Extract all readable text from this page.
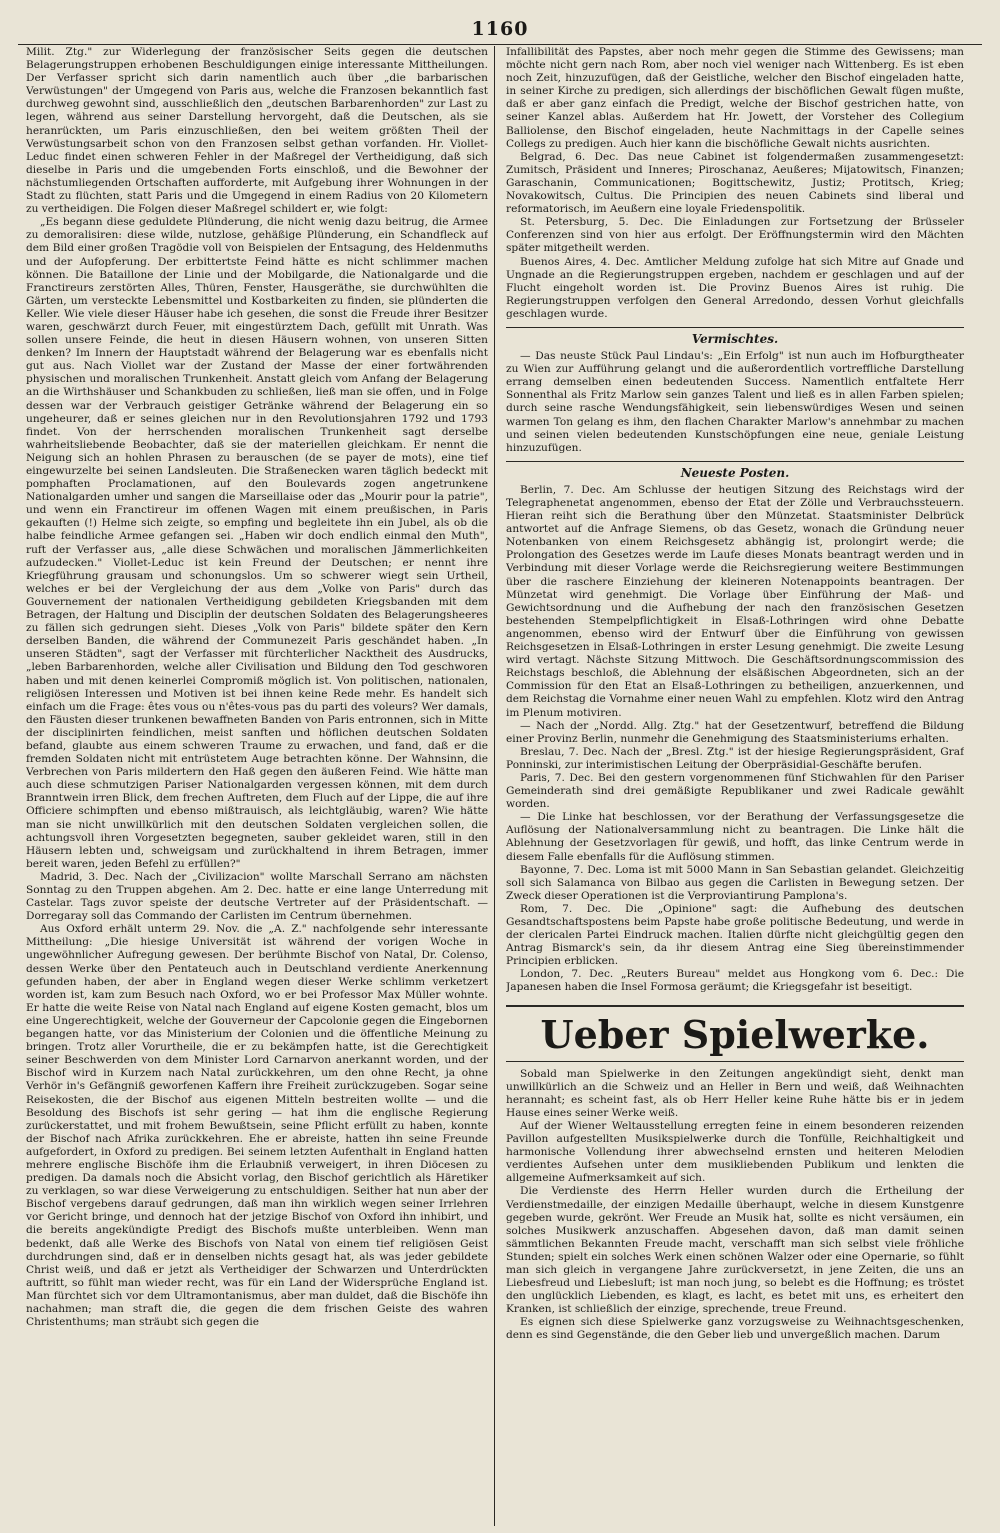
1160

Milit. Ztg." zur Widerlegung der französischer Seits gegen die deutschen Belagerungstruppen erhobenen Beschuldigungen einige interessante Mittheilungen. Der Verfasser spricht sich darin namentlich auch über „die barbarischen Verwüstungen" der Umgegend von Paris aus, welche die Franzosen bekanntlich fast durchweg gewohnt sind, ausschließlich den „deutschen Barbarenhorden" zur Last zu legen, während aus seiner Darstellung hervorgeht, daß die Deutschen, als sie heranrückten, um Paris einzuschließen, den bei weitem größten Theil der Verwüstungsarbeit schon von den Franzosen selbst gethan vorfanden. Hr. Viollet-Leduc findet einen schweren Fehler in der Maßregel der Vertheidigung, daß sich dieselbe in Paris und die umgebenden Forts einschloß, und die Bewohner der nächstumliegenden Ortschaften aufforderte, mit Aufgebung ihrer Wohnungen in der Stadt zu flüchten, statt Paris und die Umgegend in einem Radius von 20 Kilometern zu vertheidigen. Die Folgen dieser Maßregel schildert er, wie folgt:

„Es begann diese geduldete Plünderung, die nicht wenig dazu beitrug, die Armee zu demoralisiren: diese wilde, nutzlose, gehäßige Plünderung, ein Schandfleck auf dem Bild einer großen Tragödie voll von Beispielen der Entsagung, des Heldenmuths und der Aufopferung. Der erbittertste Feind hätte es nicht schlimmer machen können. Die Bataillone der Linie und der Mobilgarde, die Nationalgarde und die Franctireurs zerstörten Alles, Thüren, Fenster, Hausgeräthe, sie durchwühlten die Gärten, um versteckte Lebensmittel und Kostbarkeiten zu finden, sie plünderten die Keller. Wie viele dieser Häuser habe ich gesehen, die sonst die Freude ihrer Besitzer waren, geschwärzt durch Feuer, mit eingestürztem Dach, gefüllt mit Unrath. Was sollen unsere Feinde, die heut in diesen Häusern wohnen, von unseren Sitten denken? Im Innern der Hauptstadt während der Belagerung war es ebenfalls nicht gut aus. Nach Viollet war der Zustand der Masse der einer fortwährenden physischen und moralischen Trunkenheit. Anstatt gleich vom Anfang der Belagerung an die Wirthshäuser und Schankbuden zu schließen, ließ man sie offen, und in Folge dessen war der Verbrauch geistiger Getränke während der Belagerung ein so ungeheurer, daß er seines gleichen nur in den Revolutionsjahren 1792 und 1793 findet. Von der herrschenden moralischen Trunkenheit sagt derselbe wahrheitsliebende Beobachter, daß sie der materiellen gleichkam. Er nennt die Neigung sich an hohlen Phrasen zu berauschen (de se payer de mots), eine tief eingewurzelte bei seinen Landsleuten. Die Straßenecken waren täglich bedeckt mit pomphaften Proclamationen, auf den Boulevards zogen angetrunkene Nationalgarden umher und sangen die Marseillaise oder das „Mourir pour la patrie", und wenn ein Franctireur im offenen Wagen mit einem preußischen, in Paris gekauften (!) Helme sich zeigte, so empfing und begleitete ihn ein Jubel, als ob die halbe feindliche Armee gefangen sei. „Haben wir doch endlich einmal den Muth", ruft der Verfasser aus, „alle diese Schwächen und moralischen Jämmerlichkeiten aufzudecken." Viollet-Leduc ist kein Freund der Deutschen; er nennt ihre Kriegführung grausam und schonungslos. Um so schwerer wiegt sein Urtheil, welches er bei der Vergleichung der aus dem „Volke von Paris" durch das Gouvernement der nationalen Vertheidigung gebildeten Kriegsbanden mit dem Betragen, der Haltung und Disciplin der deutschen Soldaten des Belagerungsheeres zu fällen sich gedrungen sieht. Dieses „Volk von Paris" bildete später den Kern derselben Banden, die während der Communezeit Paris geschändet haben. „In unseren Städten", sagt der Verfasser mit fürchterlicher Nacktheit des Ausdrucks, „leben Barbarenhorden, welche aller Civilisation und Bildung den Tod geschworen haben und mit denen keinerlei Compromiß möglich ist. Von politischen, nationalen, religiösen Interessen und Motiven ist bei ihnen keine Rede mehr. Es handelt sich einfach um die Frage: êtes vous ou n'êtes-vous pas du parti des voleurs? Wer damals, den Fäusten dieser trunkenen bewaffneten Banden von Paris entronnen, sich in Mitte der disciplinirten feindlichen, meist sanften und höflichen deutschen Soldaten befand, glaubte aus einem schweren Traume zu erwachen, und fand, daß er die fremden Soldaten nicht mit entrüstetem Auge betrachten könne. Der Wahnsinn, die Verbrechen von Paris mildertern den Haß gegen den äußeren Feind. Wie hätte man auch diese schmutzigen Pariser Nationalgarden vergessen können, mit dem durch Branntwein irren Blick, dem frechen Auftreten, dem Fluch auf der Lippe, die auf ihre Officiere schimpften und ebenso mißtrauisch, als leichtgläubig, waren? Wie hätte man sie nicht unwillkürlich mit den deutschen Soldaten vergleichen sollen, die achtungsvoll ihren Vorgesetzten begegneten, sauber gekleidet waren, still in den Häusern lebten und, schweigsam und zurückhaltend in ihrem Betragen, immer bereit waren, jeden Befehl zu erfüllen?"

Madrid, 3. Dec. Nach der „Civilizacion" wollte Marschall Serrano am nächsten Sonntag zu den Truppen abgehen. Am 2. Dec. hatte er eine lange Unterredung mit Castelar. Tags zuvor speiste der deutsche Vertreter auf der Präsidentschaft. — Dorregaray soll das Commando der Carlisten im Centrum übernehmen.

Aus Oxford erhält unterm 29. Nov. die „A. Z." nachfolgende sehr interessante Mittheilung: „Die hiesige Universität ist während der vorigen Woche in ungewöhnlicher Aufregung gewesen. Der berühmte Bischof von Natal, Dr. Colenso, dessen Werke über den Pentateuch auch in Deutschland verdiente Anerkennung gefunden haben, der aber in England wegen dieser Werke schlimm verketzert worden ist, kam zum Besuch nach Oxford, wo er bei Professor Max Müller wohnte. Er hatte die weite Reise von Natal nach England auf eigene Kosten gemacht, blos um eine Ungerechtigkeit, welche der Gouverneur der Capcolonie gegen die Eingebornen begangen hatte, vor das Ministerium der Colonien und die öffentliche Meinung zu bringen. Trotz aller Vorurtheile, die er zu bekämpfen hatte, ist die Gerechtigkeit seiner Beschwerden von dem Minister Lord Carnarvon anerkannt worden, und der Bischof wird in Kurzem nach Natal zurückkehren, um den ohne Recht, ja ohne Verhör in's Gefängniß geworfenen Kaffern ihre Freiheit zurückzugeben. Sogar seine Reisekosten, die der Bischof aus eigenen Mitteln bestreiten wollte — und die Besoldung des Bischofs ist sehr gering — hat ihm die englische Regierung zurückerstattet, und mit frohem Bewußtsein, seine Pflicht erfüllt zu haben, konnte der Bischof nach Afrika zurückkehren. Ehe er abreiste, hatten ihn seine Freunde aufgefordert, in Oxford zu predigen. Bei seinem letzten Aufenthalt in England hatten mehrere englische Bischöfe ihm die Erlaubniß verweigert, in ihren Diöcesen zu predigen. Da damals noch die Absicht vorlag, den Bischof gerichtlich als Häretiker zu verklagen, so war diese Verweigerung zu entschuldigen. Seither hat nun aber der Bischof vergebens darauf gedrungen, daß man ihn wirklich wegen seiner Irrlehren vor Gericht bringe, und dennoch hat der jetzige Bischof von Oxford ihn inhibirt, und die bereits angekündigte Predigt des Bischofs mußte unterbleiben. Wenn man bedenkt, daß alle Werke des Bischofs von Natal von einem tief religiösen Geist durchdrungen sind, daß er in denselben nichts gesagt hat, als was jeder gebildete Christ weiß, und daß er jetzt als Vertheidiger der Schwarzen und Unterdrückten auftritt, so fühlt man wieder recht, was für ein Land der Widersprüche England ist. Man fürchtet sich vor dem Ultramontanismus, aber man duldet, daß die Bischöfe ihn nachahmen; man straft die, die gegen die dem frischen Geiste des wahren Christenthums; man sträubt sich gegen die

Infallibilität des Papstes, aber noch mehr gegen die Stimme des Gewissens; man möchte nicht gern nach Rom, aber noch viel weniger nach Wittenberg. Es ist eben noch Zeit, hinzuzufügen, daß der Geistliche, welcher den Bischof eingeladen hatte, in seiner Kirche zu predigen, sich allerdings der bischöflichen Gewalt fügen mußte, daß er aber ganz einfach die Predigt, welche der Bischof gestrichen hatte, von seiner Kanzel ablas. Außerdem hat Hr. Jowett, der Vorsteher des Collegium Balliolense, den Bischof eingeladen, heute Nachmittags in der Capelle seines Collegs zu predigen. Auch hier kann die bischöfliche Gewalt nichts ausrichten.

Belgrad, 6. Dec. Das neue Cabinet ist folgendermaßen zusammengesetzt: Zumitsch, Präsident und Inneres; Piroschanaz, Aeußeres; Mijatowitsch, Finanzen; Garaschanin, Communicationen; Bogittschewitz, Justiz; Protitsch, Krieg; Novakowitsch, Cultus. Die Principien des neuen Cabinets sind liberal und reformatorisch, im Aeußern eine loyale Friedenspolitik.

St. Petersburg, 5. Dec. Die Einladungen zur Fortsetzung der Brüsseler Conferenzen sind von hier aus erfolgt. Der Eröffnungstermin wird den Mächten später mitgetheilt werden.

Buenos Aires, 4. Dec. Amtlicher Meldung zufolge hat sich Mitre auf Gnade und Ungnade an die Regierungstruppen ergeben, nachdem er geschlagen und auf der Flucht eingeholt worden ist. Die Provinz Buenos Aires ist ruhig. Die Regierungstruppen verfolgen den General Arredondo, dessen Vorhut gleichfalls geschlagen wurde.

Vermischtes.

— Das neuste Stück Paul Lindau's: „Ein Erfolg" ist nun auch im Hofburgtheater zu Wien zur Aufführung gelangt und die außerordentlich vortreffliche Darstellung errang demselben einen bedeutenden Success. Namentlich entfaltete Herr Sonnenthal als Fritz Marlow sein ganzes Talent und ließ es in allen Farben spielen; durch seine rasche Wendungsfähigkeit, sein liebenswürdiges Wesen und seinen warmen Ton gelang es ihm, den flachen Charakter Marlow's annehmbar zu machen und seinen vielen bedeutenden Kunstschöpfungen eine neue, geniale Leistung hinzuzufügen.

Neueste Posten.

Berlin, 7. Dec. Am Schlusse der heutigen Sitzung des Reichstags wird der Telegraphenetat angenommen, ebenso der Etat der Zölle und Verbrauchssteuern. Hieran reiht sich die Berathung über den Münzetat. Staatsminister Delbrück antwortet auf die Anfrage Siemens, ob das Gesetz, wonach die Gründung neuer Notenbanken von einem Reichsgesetz abhängig ist, prolongirt werde; die Prolongation des Gesetzes werde im Laufe dieses Monats beantragt werden und in Verbindung mit dieser Vorlage werde die Reichsregierung weitere Bestimmungen über die raschere Einziehung der kleineren Notenappoints beantragen. Der Münzetat wird genehmigt. Die Vorlage über Einführung der Maß- und Gewichtsordnung und die Aufhebung der nach den französischen Gesetzen bestehenden Stempelpflichtigkeit in Elsaß-Lothringen wird ohne Debatte angenommen, ebenso wird der Entwurf über die Einführung von gewissen Reichsgesetzen in Elsaß-Lothringen in erster Lesung genehmigt. Die zweite Lesung wird vertagt. Nächste Sitzung Mittwoch. Die Geschäftsordnungscommission des Reichstags beschloß, die Ablehnung der elsäßischen Abgeordneten, sich an der Commission für den Etat an Elsaß-Lothringen zu betheiligen, anzuerkennen, und dem Reichstag die Vornahme einer neuen Wahl zu empfehlen. Klotz wird den Antrag im Plenum motiviren.

— Nach der „Nordd. Allg. Ztg." hat der Gesetzentwurf, betreffend die Bildung einer Provinz Berlin, nunmehr die Genehmigung des Staatsministeriums erhalten.

Breslau, 7. Dec. Nach der „Bresl. Ztg." ist der hiesige Regierungspräsident, Graf Ponninski, zur interimistischen Leitung der Oberpräsidial-Geschäfte berufen.

Paris, 7. Dec. Bei den gestern vorgenommenen fünf Stichwahlen für den Pariser Gemeinderath sind drei gemäßigte Republikaner und zwei Radicale gewählt worden.

— Die Linke hat beschlossen, vor der Berathung der Verfassungsgesetze die Auflösung der Nationalversammlung nicht zu beantragen. Die Linke hält die Ablehnung der Gesetzvorlagen für gewiß, und hofft, das linke Centrum werde in diesem Falle ebenfalls für die Auflösung stimmen.

Bayonne, 7. Dec. Loma ist mit 5000 Mann in San Sebastian gelandet. Gleichzeitig soll sich Salamanca von Bilbao aus gegen die Carlisten in Bewegung setzen. Der Zweck dieser Operationen ist die Verproviantirung Pamplona's.

Rom, 7. Dec. Die „Opinione" sagt: die Aufhebung des deutschen Gesandtschaftspostens beim Papste habe große politische Bedeutung, und werde in der clericalen Partei Eindruck machen. Italien dürfte nicht gleichgültig gegen den Antrag Bismarck's sein, da ihr diesem Antrag eine Sieg übereinstimmender Principien erblicken.

London, 7. Dec. „Reuters Bureau" meldet aus Hongkong vom 6. Dec.: Die Japanesen haben die Insel Formosa geräumt; die Kriegsgefahr ist beseitigt.

Ueber Spielwerke.

Sobald man Spielwerke in den Zeitungen angekündigt sieht, denkt man unwillkürlich an die Schweiz und an Heller in Bern und weiß, daß Weihnachten herannaht; es scheint fast, als ob Herr Heller keine Ruhe hätte bis er in jedem Hause eines seiner Werke weiß.

Auf der Wiener Weltausstellung erregten feine in einem besonderen reizenden Pavillon aufgestellten Musikspielwerke durch die Tonfülle, Reichhaltigkeit und harmonische Vollendung ihrer abwechselnd ernsten und heiteren Melodien verdientes Aufsehen unter dem musikliebenden Publikum und lenkten die allgemeine Aufmerksamkeit auf sich.

Die Verdienste des Herrn Heller wurden durch die Ertheilung der Verdienstmedaille, der einzigen Medaille überhaupt, welche in diesem Kunstgenre gegeben wurde, gekrönt. Wer Freude an Musik hat, sollte es nicht versäumen, ein solches Musikwerk anzuschaffen. Abgesehen davon, daß man damit seinen sämmtlichen Bekannten Freude macht, verschafft man sich selbst viele fröhliche Stunden; spielt ein solches Werk einen schönen Walzer oder eine Opernarie, so fühlt man sich gleich in vergangene Jahre zurückversetzt, in jene Zeiten, die uns an Liebesfreud und Liebesluft; ist man noch jung, so belebt es die Hoffnung; es tröstet den unglücklich Liebenden, es klagt, es lacht, es betet mit uns, es erheitert den Kranken, ist schließlich der einzige, sprechende, treue Freund.

Es eignen sich diese Spielwerke ganz vorzugsweise zu Weihnachtsgeschenken, denn es sind Gegenstände, die den Geber lieb und unvergeßlich machen. Darum
